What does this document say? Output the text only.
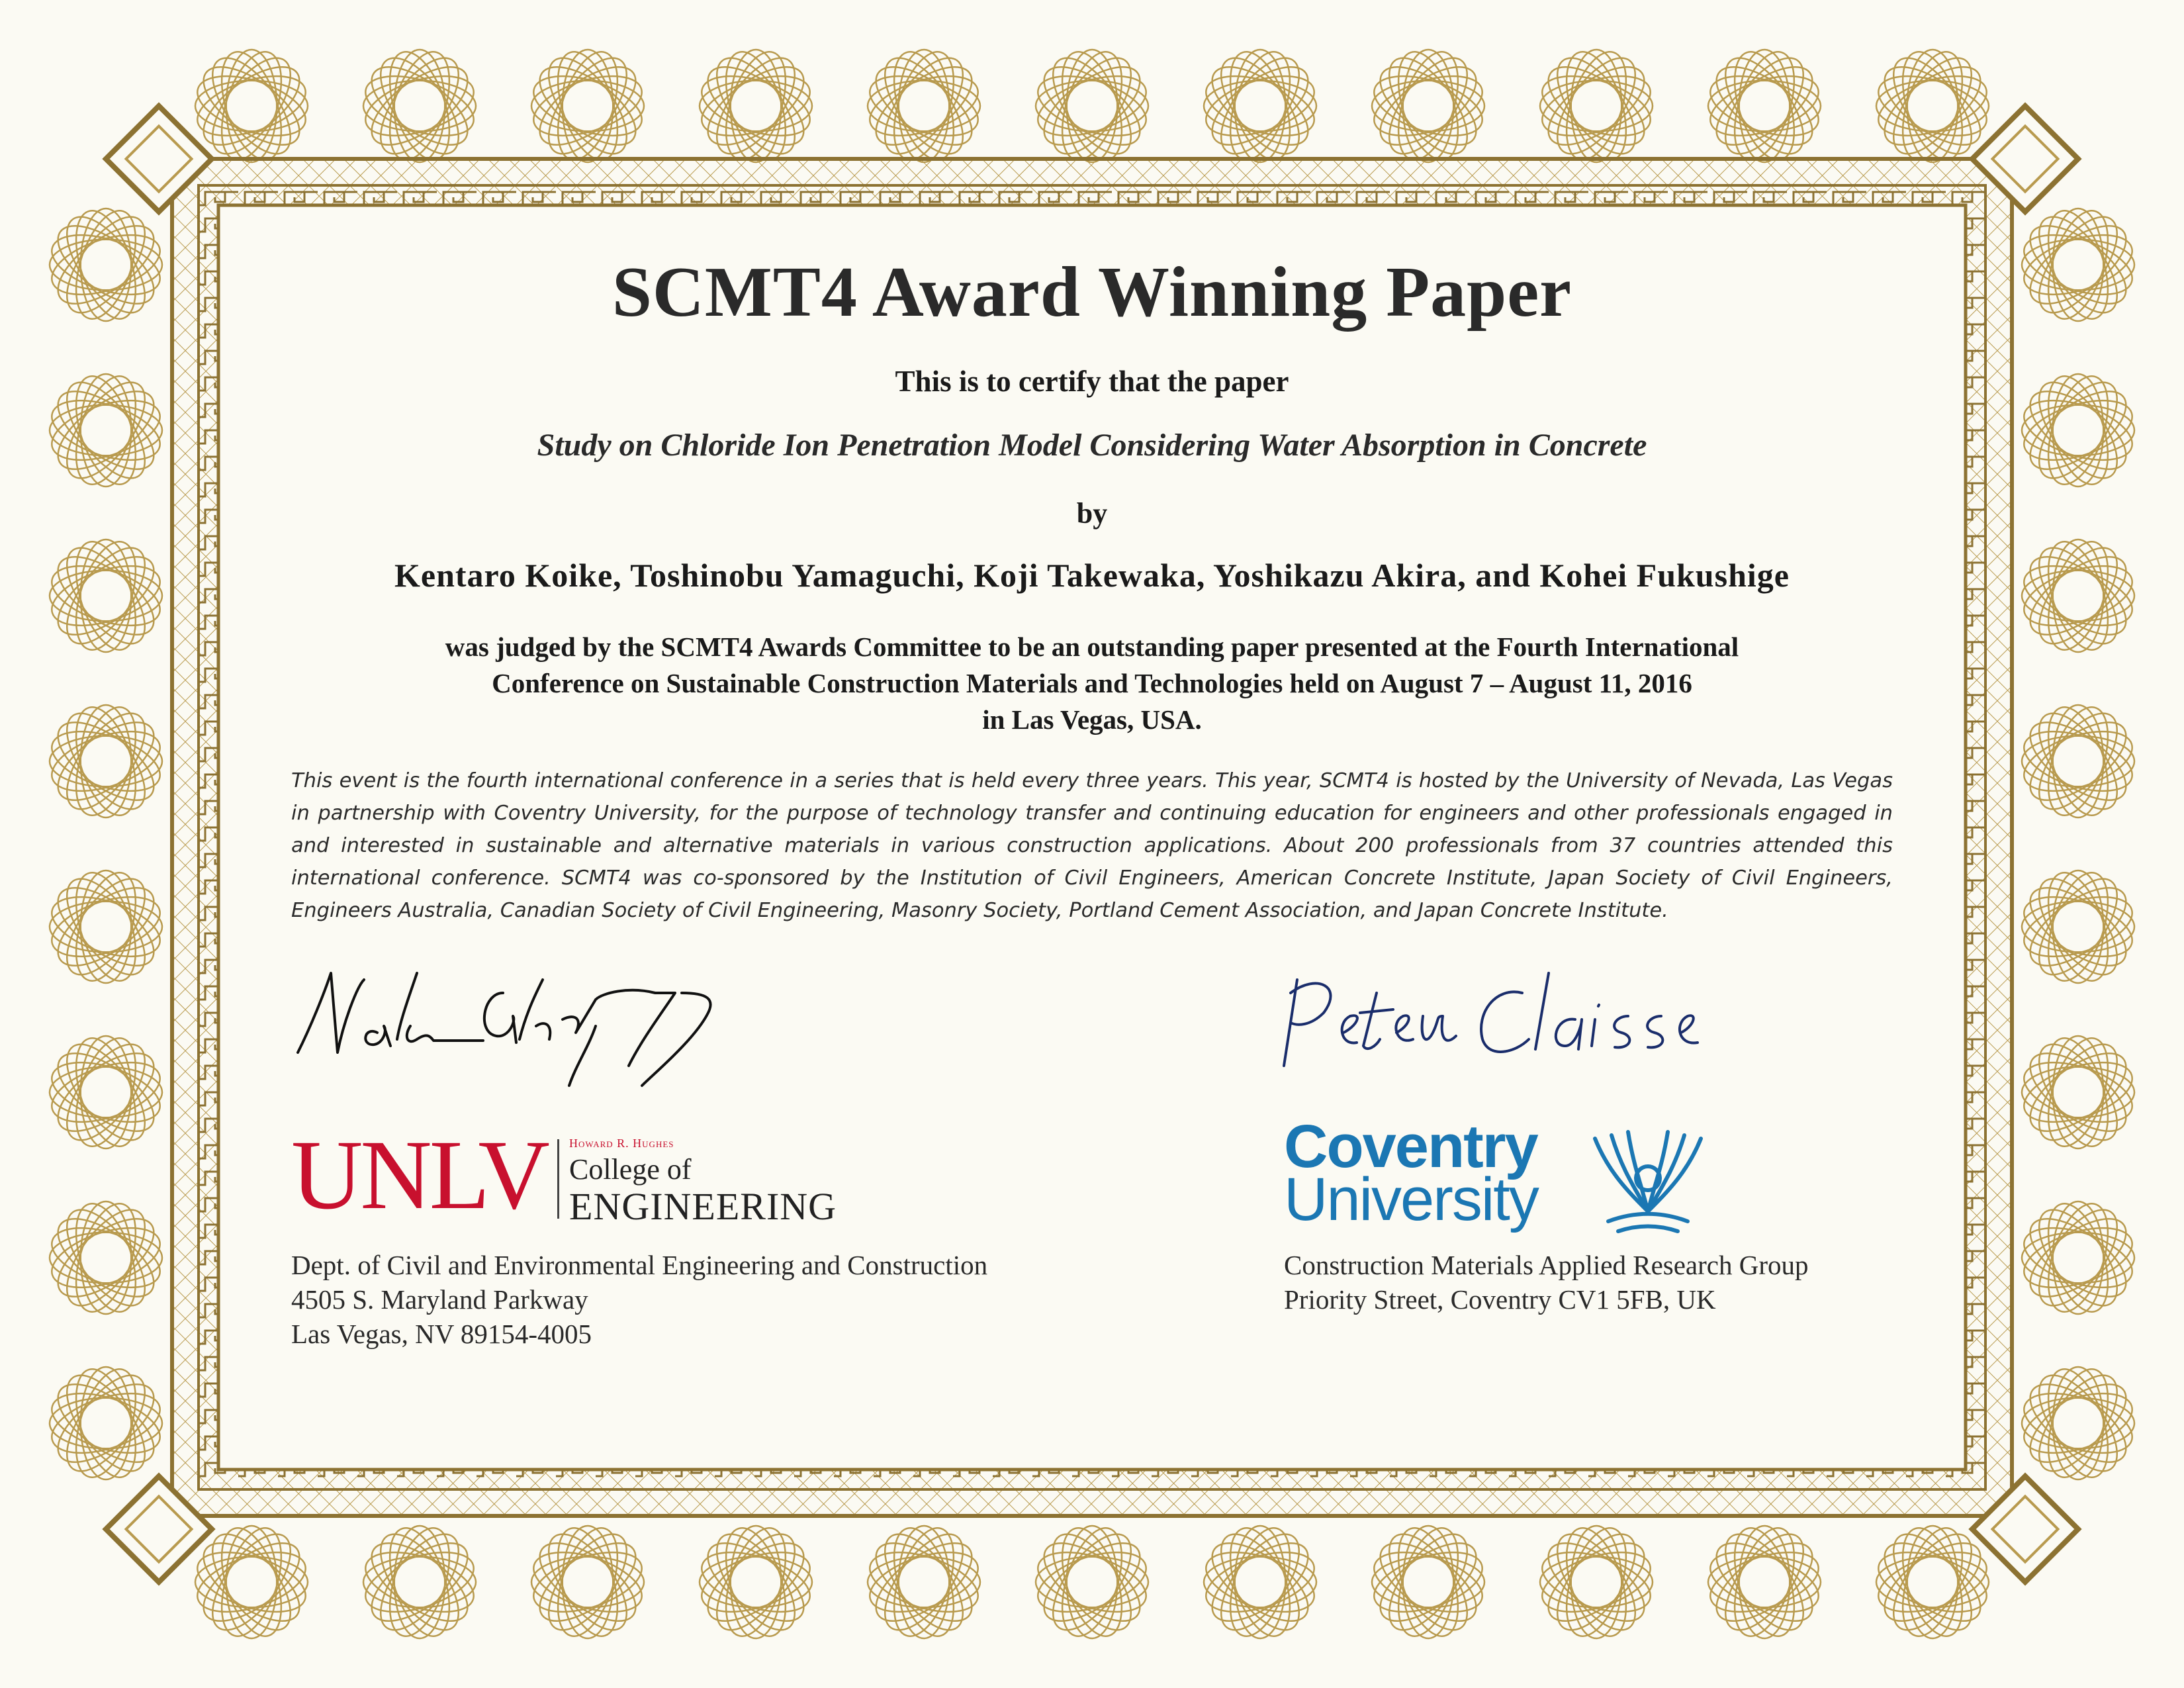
SCMT4 Award Winning Paper
This is to certify that the paper
Study on Chloride Ion Penetration Model Considering Water Absorption in Concrete
by
Kentaro Koike, Toshinobu Yamaguchi, Koji Takewaka, Yoshikazu Akira, and Kohei Fukushige
was judged by the SCMT4 Awards Committee to be an outstanding paper presented at the Fourth International
Conference on Sustainable Construction Materials and Technologies held on August 7 – August 11, 2016
in Las Vegas, USA.
This event is the fourth international conference in a series that is held every three years. This year, SCMT4 is hosted by the University of Nevada, Las Vegas in partnership with Coventry University, for the purpose of technology transfer and continuing education for engineers and other professionals engaged in and interested in sustainable and alternative materials in various construction applications. About 200 professionals from 37 countries attended this international conference. SCMT4 was co-sponsored by the Institution of Civil Engineers, American Concrete Institute, Japan Society of Civil Engineers, Engineers Australia, Canadian Society of Civil Engineering, Masonry Society, Portland Cement Association, and Japan Concrete Institute.
UNLV Howard R. Hughes
College of
ENGINEERING
Coventry
University
Dept. of Civil and Environmental Engineering and Construction
4505 S. Maryland Parkway
Las Vegas, NV 89154-4005
Construction Materials Applied Research Group
Priority Street, Coventry CV1 5FB, UK
